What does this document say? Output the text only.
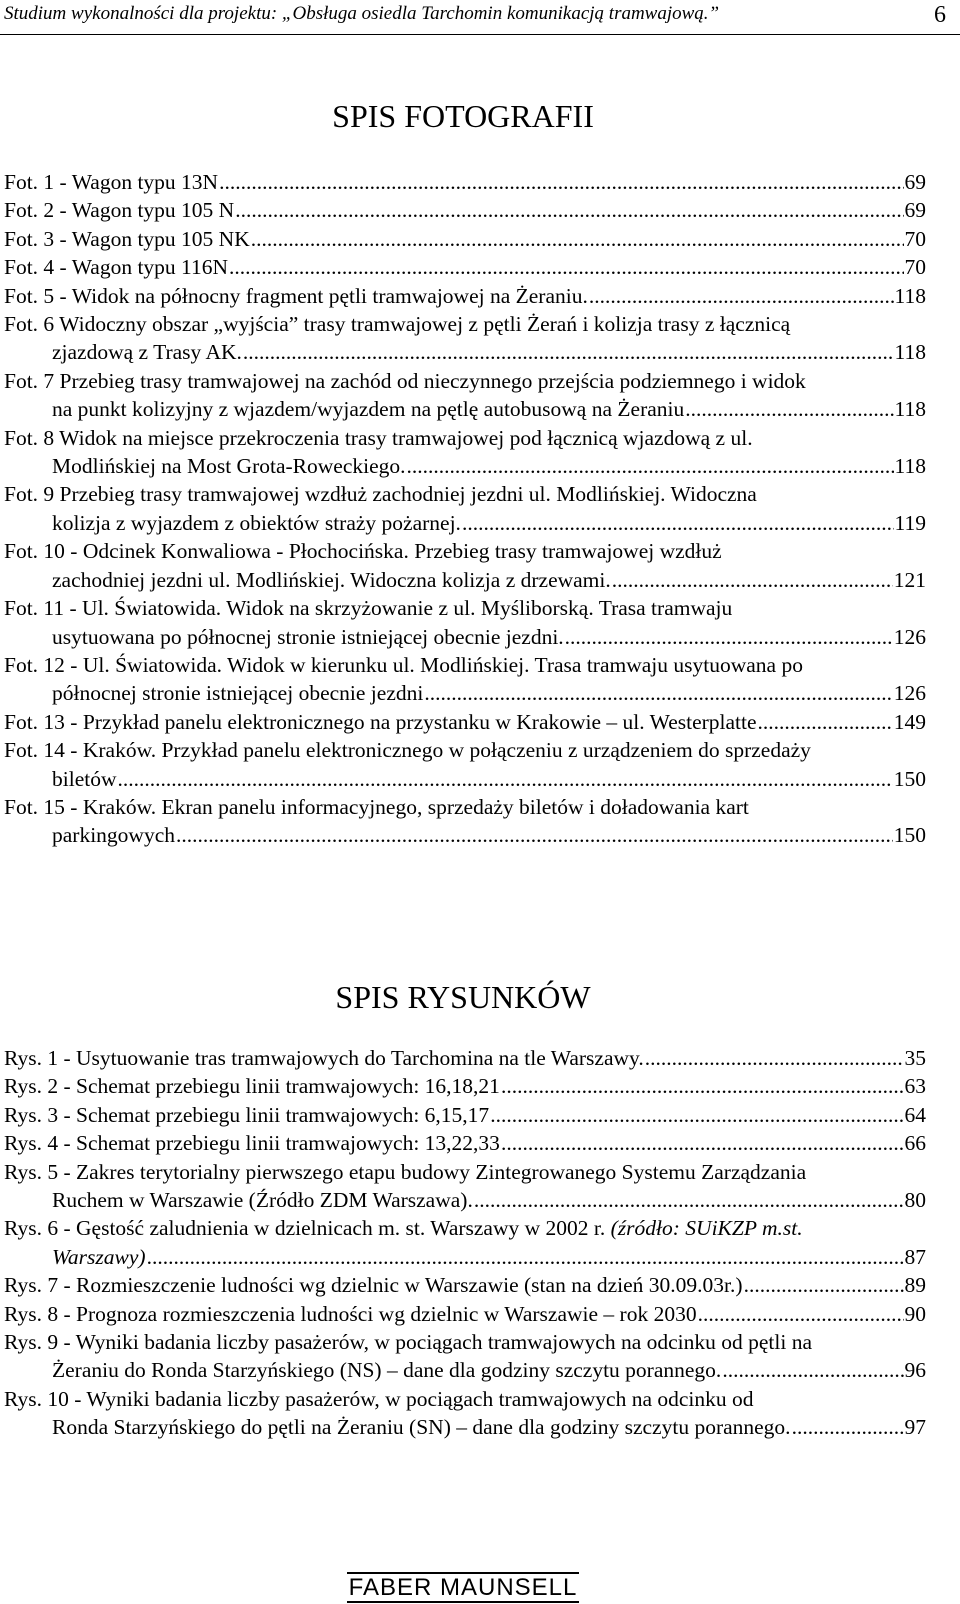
Studium wykonalności dla projektu: „Obsługa osiedla Tarchomin komunikacją tramwajową.”	6
SPIS FOTOGRAFII
Fot. 1 - Wagon typu 13N .....	69
Fot. 2 - Wagon typu 105 N .....	69
Fot. 3 - Wagon typu 105 NK .....	70
Fot. 4 - Wagon typu 116N .....	70
Fot. 5 - Widok na północny fragment pętli tramwajowej na Żeraniu. .....	118
Fot. 6 Widoczny obszar „wyjścia” trasy tramwajowej z pętli Żerań i kolizja trasy z łącznicą
zjazdową z Trasy AK. .....	118
Fot. 7 Przebieg trasy tramwajowej na zachód od nieczynnego przejścia podziemnego i widok
na punkt kolizyjny z wjazdem/wyjazdem na pętlę autobusową na Żeraniu .....	118
Fot. 8 Widok na miejsce przekroczenia trasy tramwajowej pod łącznicą wjazdową z ul.
Modlińskiej na Most Grota-Roweckiego. .....	118
Fot. 9 Przebieg trasy tramwajowej wzdłuż zachodniej jezdni ul. Modlińskiej. Widoczna
kolizja z wyjazdem z obiektów straży pożarnej. .....	119
Fot. 10 - Odcinek Konwaliowa - Płochocińska. Przebieg trasy tramwajowej wzdłuż
zachodniej jezdni ul. Modlińskiej. Widoczna kolizja z drzewami. .....	121
Fot. 11 - Ul. Światowida. Widok na skrzyżowanie z ul. Myśliborską. Trasa tramwaju
usytuowana po północnej stronie istniejącej obecnie jezdni. .....	126
Fot. 12 - Ul. Światowida. Widok w kierunku ul. Modlińskiej. Trasa tramwaju usytuowana po
północnej stronie istniejącej obecnie jezdni .....	126
Fot. 13 - Przykład panelu elektronicznego na przystanku w Krakowie – ul. Westerplatte .....	149
Fot. 14 - Kraków. Przykład panelu elektronicznego w połączeniu z urządzeniem do sprzedaży
biletów .....	150
Fot. 15 - Kraków. Ekran panelu informacyjnego, sprzedaży biletów i doładowania kart
parkingowych .....	150
SPIS RYSUNKÓW
Rys. 1 - Usytuowanie tras tramwajowych do Tarchomina na tle Warszawy. .....	35
Rys. 2 - Schemat przebiegu linii tramwajowych: 16,18,21 .....	63
Rys. 3 - Schemat przebiegu linii tramwajowych: 6,15,17 .....	64
Rys. 4 - Schemat przebiegu linii tramwajowych: 13,22,33 .....	66
Rys. 5 - Zakres terytorialny pierwszego etapu budowy Zintegrowanego Systemu Zarządzania
Ruchem w Warszawie (Źródło ZDM Warszawa). .....	80
Rys. 6 - Gęstość zaludnienia w dzielnicach m. st. Warszawy w 2002 r. (źródło: SUiKZP m.st.
Warszawy) .....	87
Rys. 7 - Rozmieszczenie ludności wg dzielnic w Warszawie (stan na dzień 30.09.03r.) .....	89
Rys. 8 - Prognoza rozmieszczenia ludności wg dzielnic w Warszawie – rok 2030 .....	90
Rys. 9 - Wyniki badania liczby pasażerów, w pociągach tramwajowych na odcinku od pętli na
Żeraniu do Ronda Starzyńskiego (NS) – dane dla godziny szczytu porannego. .....	96
Rys. 10 - Wyniki badania liczby pasażerów, w pociągach tramwajowych na odcinku od
Ronda Starzyńskiego do pętli na Żeraniu (SN) – dane dla godziny szczytu porannego. .....	97
FABER MAUNSELL
